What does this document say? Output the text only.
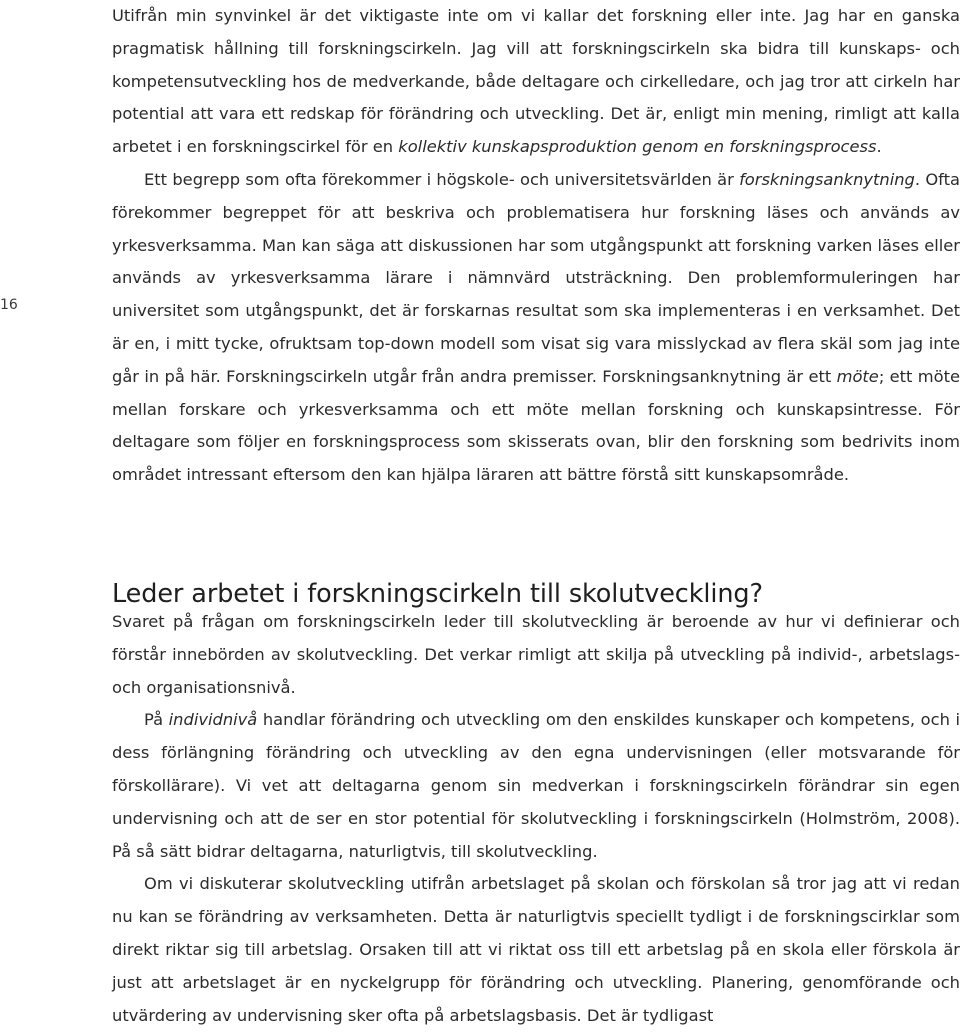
16

Utifrån min synvinkel är det viktigaste inte om vi kallar det forskning eller inte. Jag har en ganska pragmatisk hållning till forskningscirkeln. Jag vill att forskningscirkeln ska bidra till kunskaps- och kompetensutveckling hos de medverkande, både deltagare och cirkelledare, och jag tror att cirkeln har potential att vara ett redskap för förändring och utveckling. Det är, enligt min mening, rimligt att kalla arbetet i en forskningscirkel för en kollektiv kunskapsproduktion genom en forskningsprocess.

Ett begrepp som ofta förekommer i högskole- och universitetsvärlden är forskningsanknytning. Ofta förekommer begreppet för att beskriva och problematisera hur forskning läses och används av yrkesverksamma. Man kan säga att diskussionen har som utgångspunkt att forskning varken läses eller används av yrkesverksamma lärare i nämnvärd utsträckning. Den problemformuleringen har universitet som utgångspunkt, det är forskarnas resultat som ska implementeras i en verksamhet. Det är en, i mitt tycke, ofruktsam top-down modell som visat sig vara misslyckad av flera skäl som jag inte går in på här. Forskningscirkeln utgår från andra premisser. Forskningsanknytning är ett möte; ett möte mellan forskare och yrkesverksamma och ett möte mellan forskning och kunskapsintresse. För deltagare som följer en forskningsprocess som skisserats ovan, blir den forskning som bedrivits inom området intressant eftersom den kan hjälpa läraren att bättre förstå sitt kunskapsområde.

Leder arbetet i forskningscirkeln till skolutveckling?

Svaret på frågan om forskningscirkeln leder till skolutveckling är beroende av hur vi definierar och förstår innebörden av skolutveckling. Det verkar rimligt att skilja på utveckling på individ-, arbetslags- och organisationsnivå.

På individnivå handlar förändring och utveckling om den enskildes kunskaper och kompetens, och i dess förlängning förändring och utveckling av den egna undervisningen (eller motsvarande för förskollärare). Vi vet att deltagarna genom sin medverkan i forskningscirkeln förändrar sin egen undervisning och att de ser en stor potential för skolutveckling i forskningscirkeln (Holmström, 2008). På så sätt bidrar deltagarna, naturligtvis, till skolutveckling.

Om vi diskuterar skolutveckling utifrån arbetslaget på skolan och förskolan så tror jag att vi redan nu kan se förändring av verksamheten. Detta är naturligtvis speciellt tydligt i de forskningscirklar som direkt riktar sig till arbetslag. Orsaken till att vi riktat oss till ett arbetslag på en skola eller förskola är just att arbetslaget är en nyckelgrupp för förändring och utveckling. Planering, genomförande och utvärdering av undervisning sker ofta på arbetslagsbasis. Det är tydligast
